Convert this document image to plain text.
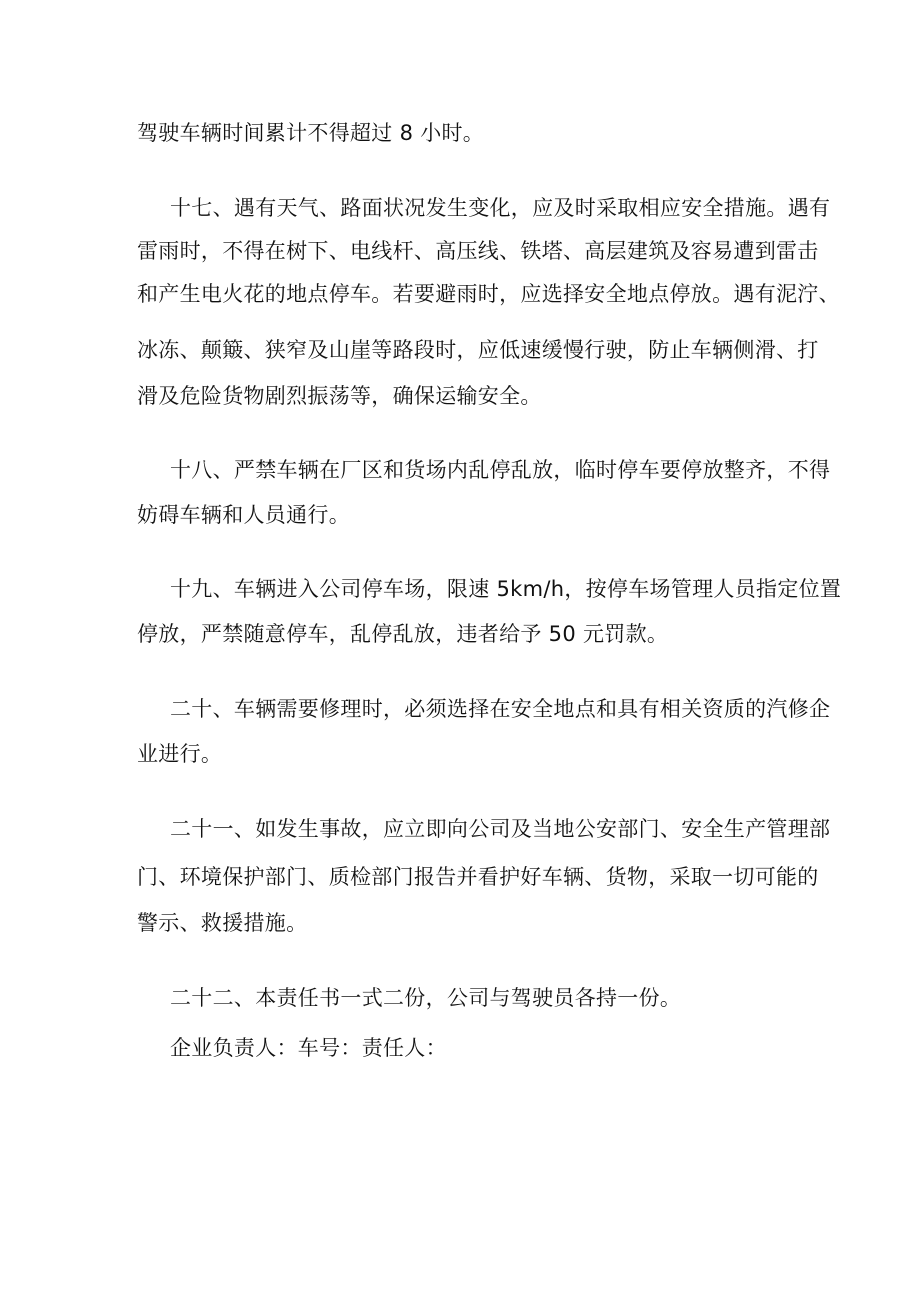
驾驶车辆时间累计不得超过 8 小时。
十七、遇有天气、路面状况发生变化，应及时采取相应安全措施。遇有
雷雨时，不得在树下、电线杆、高压线、铁塔、高层建筑及容易遭到雷击
和产生电火花的地点停车。若要避雨时，应选择安全地点停放。遇有泥泞、
冰冻、颠簸、狭窄及山崖等路段时，应低速缓慢行驶，防止车辆侧滑、打
滑及危险货物剧烈振荡等，确保运输安全。
十八、严禁车辆在厂区和货场内乱停乱放，临时停车要停放整齐，不得
妨碍车辆和人员通行。
十九、车辆进入公司停车场，限速 5km/h，按停车场管理人员指定位置
停放，严禁随意停车，乱停乱放，违者给予 50 元罚款。
二十、车辆需要修理时，必须选择在安全地点和具有相关资质的汽修企
业进行。
二十一、如发生事故，应立即向公司及当地公安部门、安全生产管理部
门、环境保护部门、质检部门报告并看护好车辆、货物，采取一切可能的
警示、救援措施。
二十二、本责任书一式二份，公司与驾驶员各持一份。
企业负责人：车号：责任人：
